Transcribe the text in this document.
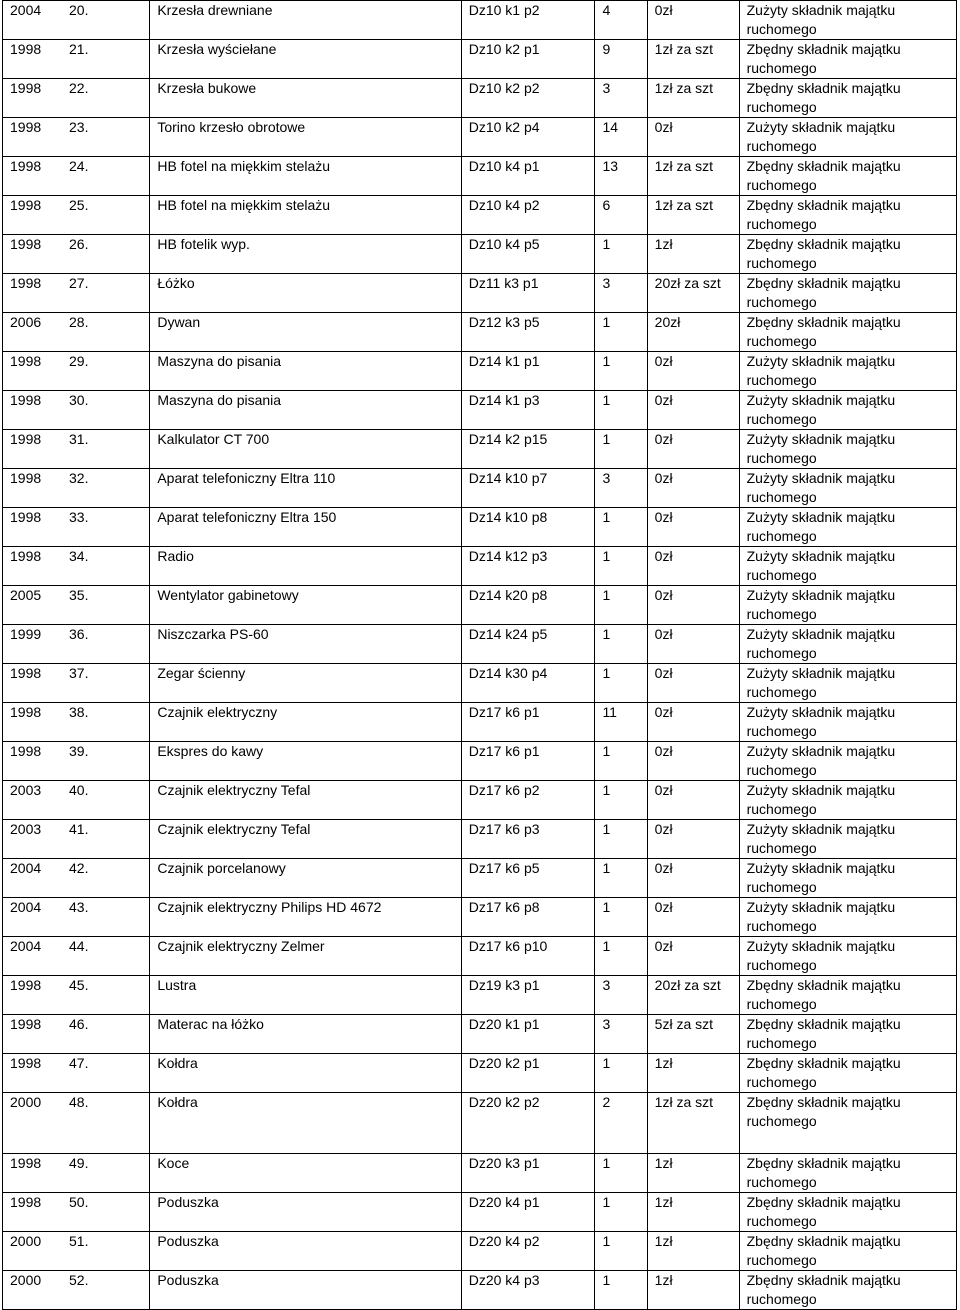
2004 20.	Krzesła drewniane	Dz10 k1 p2	4	0zł	Zużyty składnik majątku
ruchomego
1998 21.	Krzesła wyściełane	Dz10 k2 p1	9	1zł za szt	Zbędny składnik majątku
ruchomego
1998 22.	Krzesła bukowe	Dz10 k2 p2	3	1zł za szt	Zbędny składnik majątku
ruchomego
1998 23.	Torino krzesło obrotowe	Dz10 k2 p4	14	0zł	Zużyty składnik majątku
ruchomego
1998 24.	HB fotel na miękkim stelażu	Dz10 k4 p1	13	1zł za szt	Zbędny składnik majątku
ruchomego
1998 25.	HB fotel na miękkim stelażu	Dz10 k4 p2	6	1zł za szt	Zbędny składnik majątku
ruchomego
1998 26.	HB fotelik wyp.	Dz10 k4 p5	1	1zł	Zbędny składnik majątku
ruchomego
1998 27.	Łóżko	Dz11 k3 p1	3	20zł za szt	Zbędny składnik majątku
ruchomego
2006 28.	Dywan	Dz12 k3 p5	1	20zł	Zbędny składnik majątku
ruchomego
1998 29.	Maszyna do pisania	Dz14 k1 p1	1	0zł	Zużyty składnik majątku
ruchomego
1998 30.	Maszyna do pisania	Dz14 k1 p3	1	0zł	Zużyty składnik majątku
ruchomego
1998 31.	Kalkulator CT 700	Dz14 k2 p15	1	0zł	Zużyty składnik majątku
ruchomego
1998 32.	Aparat telefoniczny Eltra 110	Dz14 k10 p7	3	0zł	Zużyty składnik majątku
ruchomego
1998 33.	Aparat telefoniczny Eltra 150	Dz14 k10 p8	1	0zł	Zużyty składnik majątku
ruchomego
1998 34.	Radio	Dz14 k12 p3	1	0zł	Zużyty składnik majątku
ruchomego
2005 35.	Wentylator gabinetowy	Dz14 k20 p8	1	0zł	Zużyty składnik majątku
ruchomego
1999 36.	Niszczarka PS-60	Dz14 k24 p5	1	0zł	Zużyty składnik majątku
ruchomego
1998 37.	Zegar ścienny	Dz14 k30 p4	1	0zł	Zużyty składnik majątku
ruchomego
1998 38.	Czajnik elektryczny	Dz17 k6 p1	11	0zł	Zużyty składnik majątku
ruchomego
1998 39.	Ekspres do kawy	Dz17 k6 p1	1	0zł	Zużyty składnik majątku
ruchomego
2003 40.	Czajnik elektryczny Tefal	Dz17 k6 p2	1	0zł	Zużyty składnik majątku
ruchomego
2003 41.	Czajnik elektryczny Tefal	Dz17 k6 p3	1	0zł	Zużyty składnik majątku
ruchomego
2004 42.	Czajnik porcelanowy	Dz17 k6 p5	1	0zł	Zużyty składnik majątku
ruchomego
2004 43.	Czajnik elektryczny Philips HD 4672	Dz17 k6 p8	1	0zł	Zużyty składnik majątku
ruchomego
2004 44.	Czajnik elektryczny Zelmer	Dz17 k6 p10	1	0zł	Zużyty składnik majątku
ruchomego
1998 45.	Lustra	Dz19 k3 p1	3	20zł za szt	Zbędny składnik majątku
ruchomego
1998 46.	Materac na łóżko	Dz20 k1 p1	3	5zł za szt	Zbędny składnik majątku
ruchomego
1998 47.	Kołdra	Dz20 k2 p1	1	1zł	Zbędny składnik majątku
ruchomego
2000 48.	Kołdra	Dz20 k2 p2	2	1zł za szt	Zbędny składnik majątku
ruchomego
1998 49.	Koce	Dz20 k3 p1	1	1zł	Zbędny składnik majątku
ruchomego
1998 50.	Poduszka	Dz20 k4 p1	1	1zł	Zbędny składnik majątku
ruchomego
2000 51.	Poduszka	Dz20 k4 p2	1	1zł	Zbędny składnik majątku
ruchomego
2000 52.	Poduszka	Dz20 k4 p3	1	1zł	Zbędny składnik majątku
ruchomego
